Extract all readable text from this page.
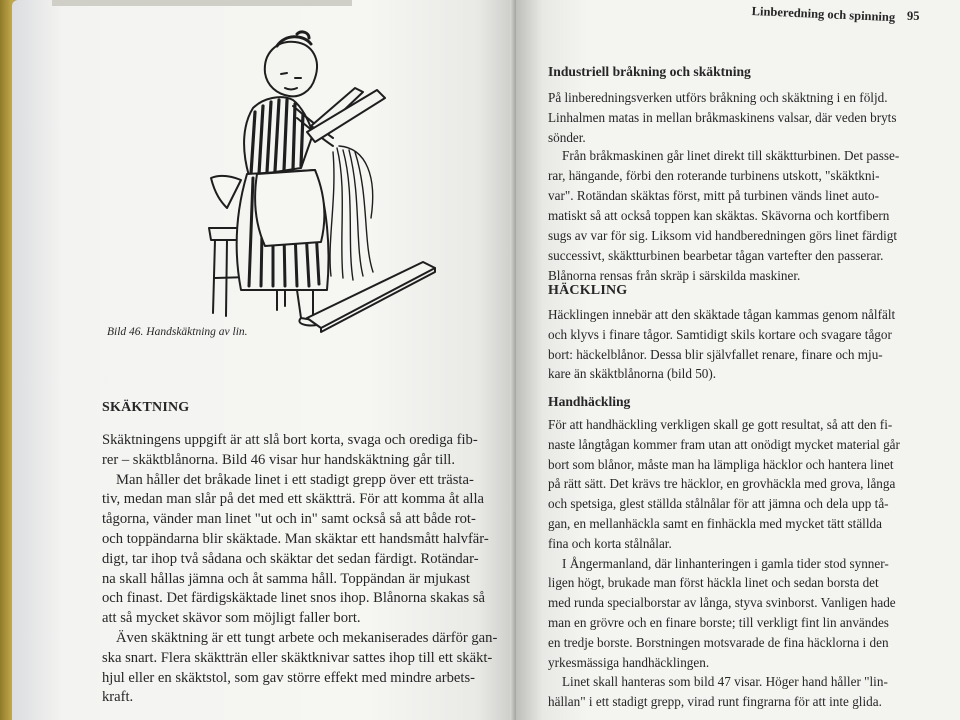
Bild 46. Handskäktning av lin.
SKÄKTNING
Skäktningens uppgift är att slå bort korta, svaga och orediga fib-
rer – skäktblånorna. Bild 46 visar hur handskäktning går till.
Man håller det bråkade linet i ett stadigt grepp över ett trästa-
tiv, medan man slår på det med ett skäktträ. För att komma åt alla
tågorna, vänder man linet "ut och in" samt också så att både rot-
och toppändarna blir skäktade. Man skäktar ett handsmått halvfär-
digt, tar ihop två sådana och skäktar det sedan färdigt. Rotändar-
na skall hållas jämna och åt samma håll. Toppändan är mjukast
och finast. Det färdigskäktade linet snos ihop. Blånorna skakas så
att så mycket skävor som möjligt faller bort.
Även skäktning är ett tungt arbete och mekaniserades därför gan-
ska snart. Flera skäktträn eller skäktknivar sattes ihop till ett skäkt-
hjul eller en skäktstol, som gav större effekt med mindre arbets-
kraft.
Linberedning och spinning 95
Industriell bråkning och skäktning
På linberedningsverken utförs bråkning och skäktning i en följd.
Linhalmen matas in mellan bråkmaskinens valsar, där veden bryts
sönder.
Från bråkmaskinen går linet direkt till skäktturbinen. Det passe-
rar, hängande, förbi den roterande turbinens utskott, "skäktkni-
var". Rotändan skäktas först, mitt på turbinen vänds linet auto-
matiskt så att också toppen kan skäktas. Skävorna och kortfibern
sugs av var för sig. Liksom vid handberedningen görs linet färdigt
successivt, skäktturbinen bearbetar tågan vartefter den passerar.
Blånorna rensas från skräp i särskilda maskiner.
HÄCKLING
Häcklingen innebär att den skäktade tågan kammas genom nålfält
och klyvs i finare tågor. Samtidigt skils kortare och svagare tågor
bort: häckelblånor. Dessa blir självfallet renare, finare och mju-
kare än skäktblånorna (bild 50).
Handhäckling
För att handhäckling verkligen skall ge gott resultat, så att den fi-
naste långtågan kommer fram utan att onödigt mycket material går
bort som blånor, måste man ha lämpliga häcklor och hantera linet
på rätt sätt. Det krävs tre häcklor, en grovhäckla med grova, långa
och spetsiga, glest ställda stålnålar för att jämna och dela upp tå-
gan, en mellanhäckla samt en finhäckla med mycket tätt ställda
fina och korta stålnålar.
I Ångermanland, där linhanteringen i gamla tider stod synner-
ligen högt, brukade man först häckla linet och sedan borsta det
med runda specialborstar av långa, styva svinborst. Vanligen hade
man en grövre och en finare borste; till verkligt fint lin användes
en tredje borste. Borstningen motsvarade de fina häcklorna i den
yrkesmässiga handhäcklingen.
Linet skall hanteras som bild 47 visar. Höger hand håller "lin-
hällan" i ett stadigt grepp, virad runt fingrarna för att inte glida.
